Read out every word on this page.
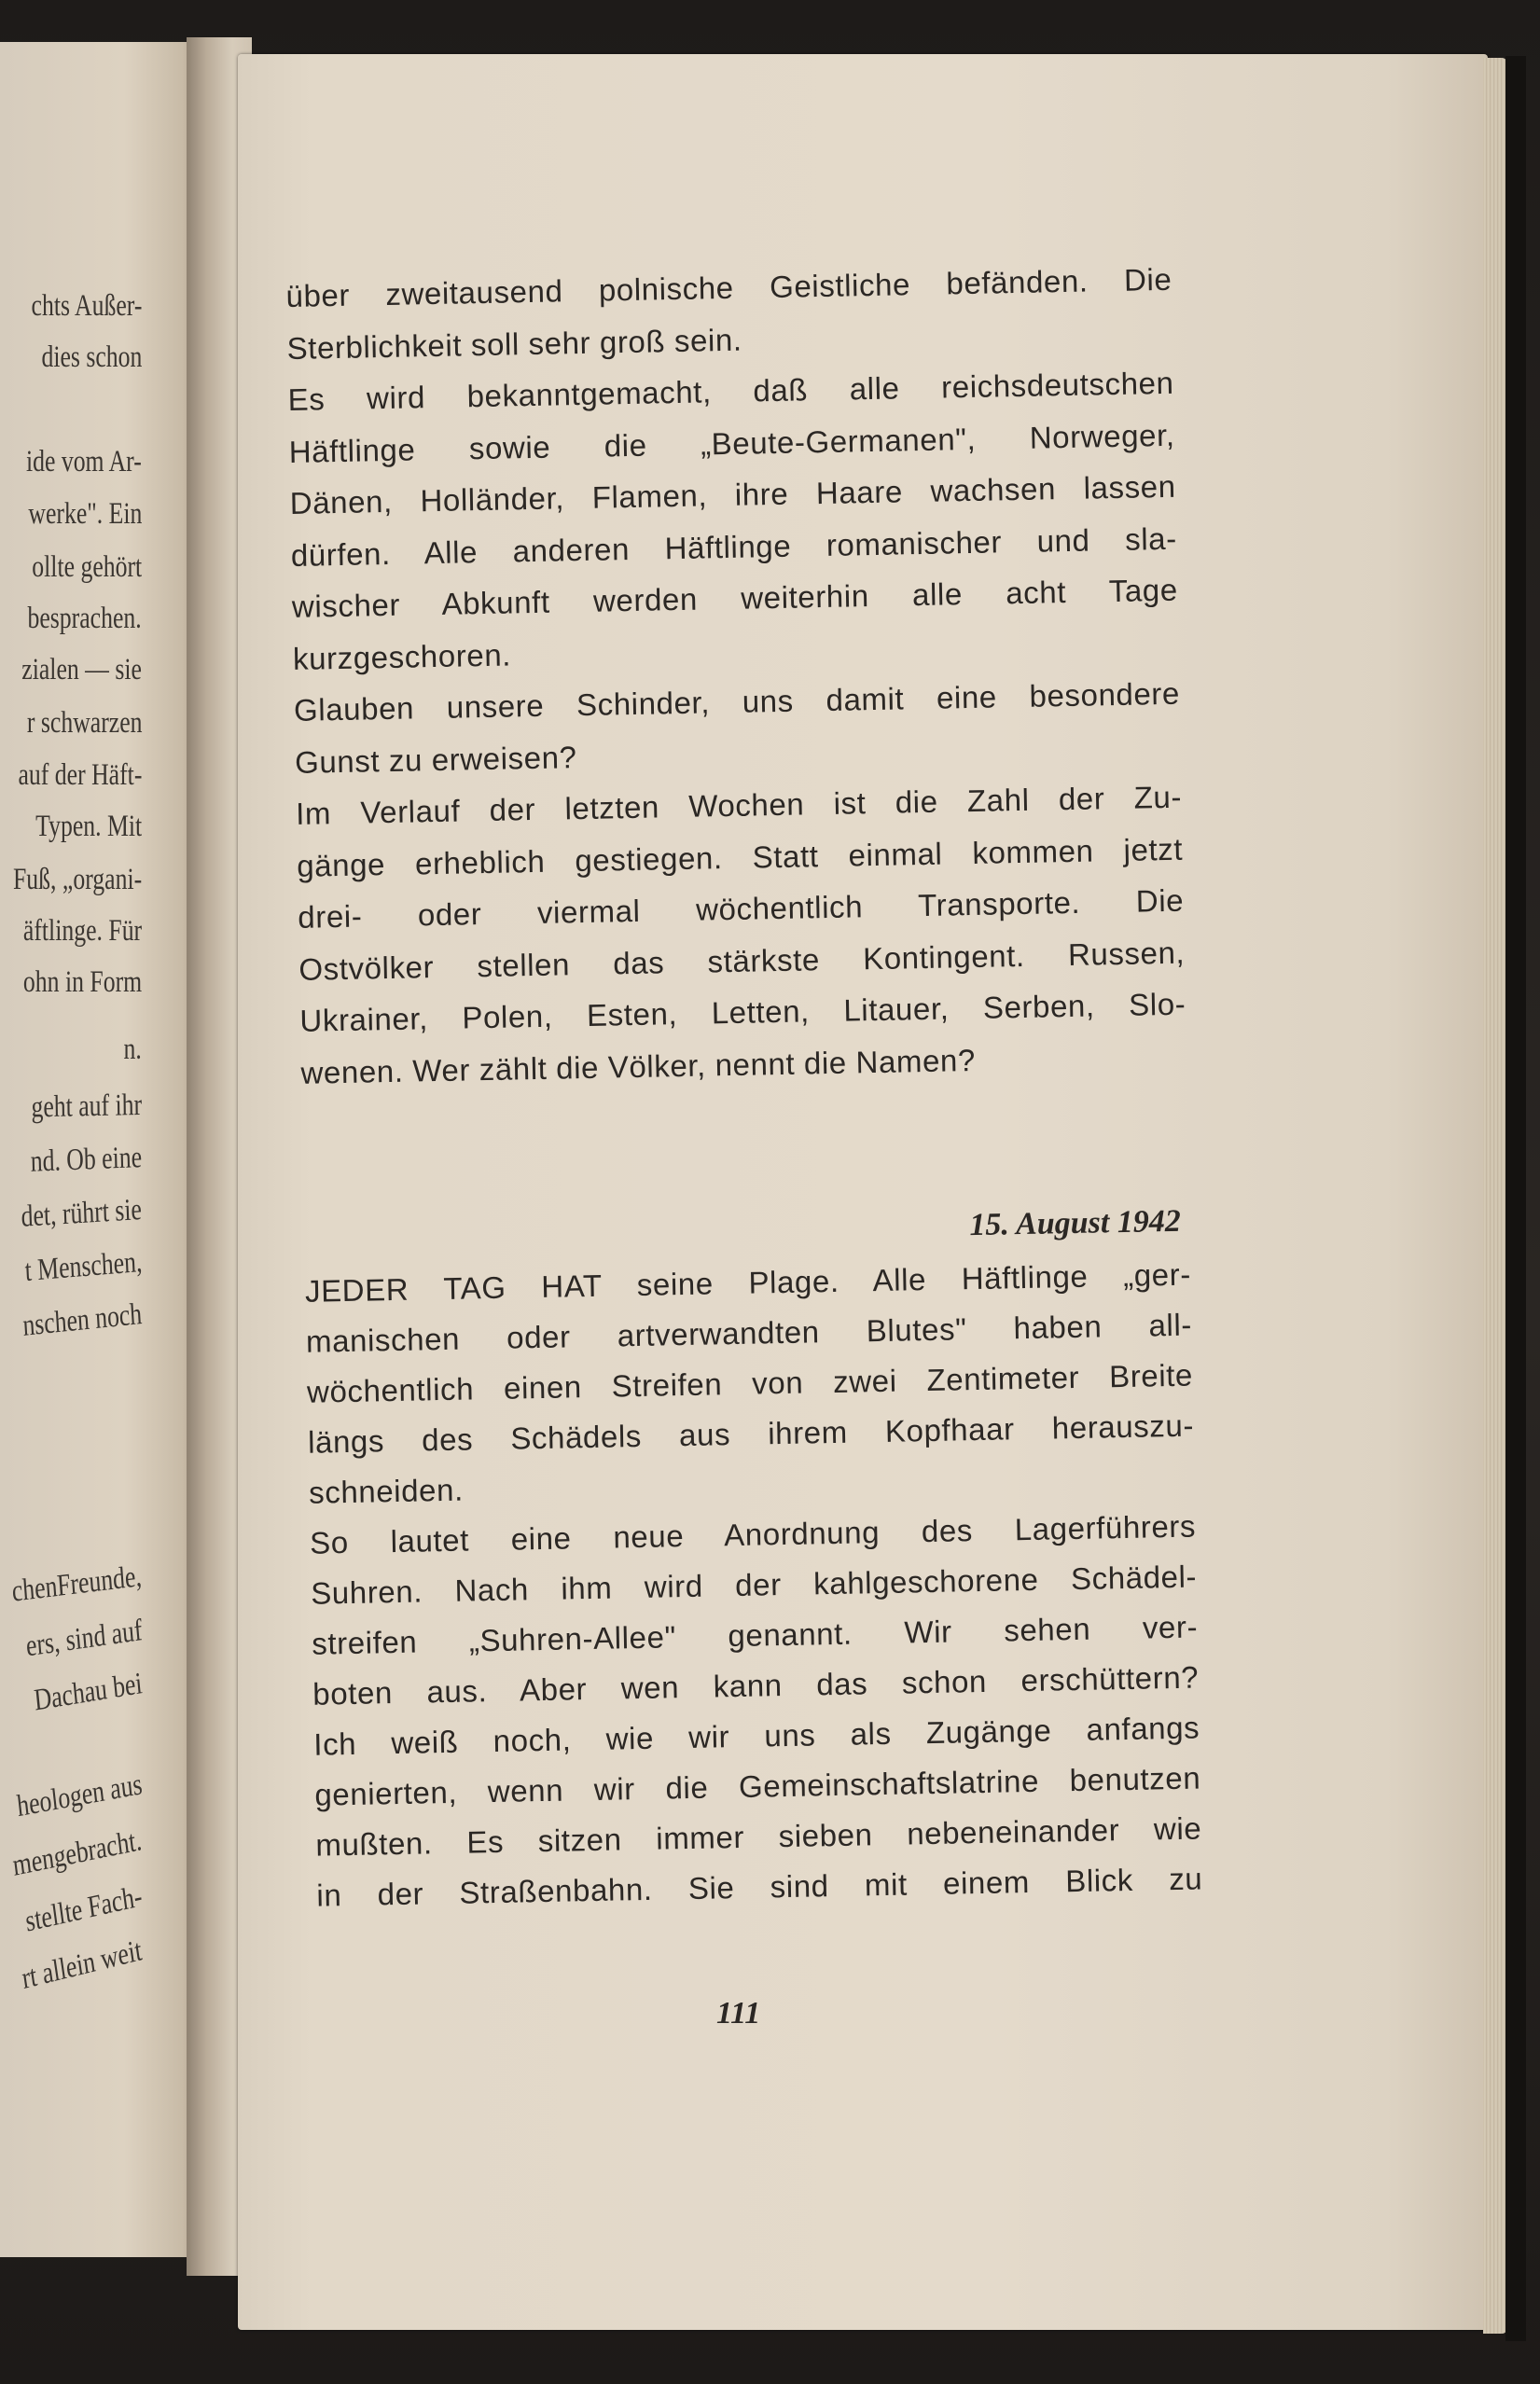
chts Außer-
dies schon
ide vom Ar-
werke". Ein
ollte gehört
besprachen.
zialen — sie
r schwarzen
auf der Häft-
Typen. Mit
Fuß, „organi-
äftlinge. Für
ohn in Form
n.
geht auf ihr
nd. Ob eine
det, rührt sie
t Menschen,
nschen noch
chenFreunde,
ers, sind auf
Dachau bei
heologen aus
mengebracht.
stellte Fach-
rt allein weit
über zweitausend polnische Geistliche befänden. Die
Sterblichkeit soll sehr groß sein.
Es wird bekanntgemacht, daß alle reichsdeutschen
Häftlinge sowie die „Beute-Germanen", Norweger,
Dänen, Holländer, Flamen, ihre Haare wachsen lassen
dürfen. Alle anderen Häftlinge romanischer und sla-
wischer Abkunft werden weiterhin alle acht Tage
kurzgeschoren.
Glauben unsere Schinder, uns damit eine besondere
Gunst zu erweisen?
Im Verlauf der letzten Wochen ist die Zahl der Zu-
gänge erheblich gestiegen. Statt einmal kommen jetzt
drei- oder viermal wöchentlich Transporte. Die
Ostvölker stellen das stärkste Kontingent. Russen,
Ukrainer, Polen, Esten, Letten, Litauer, Serben, Slo-
wenen. Wer zählt die Völker, nennt die Namen?
15. August 1942
JEDER TAG HAT seine Plage. Alle Häftlinge „ger-
manischen oder artverwandten Blutes" haben all-
wöchentlich einen Streifen von zwei Zentimeter Breite
längs des Schädels aus ihrem Kopfhaar herauszu-
schneiden.
So lautet eine neue Anordnung des Lagerführers
Suhren. Nach ihm wird der kahlgeschorene Schädel-
streifen „Suhren-Allee" genannt. Wir sehen ver-
boten aus. Aber wen kann das schon erschüttern?
Ich weiß noch, wie wir uns als Zugänge anfangs
genierten, wenn wir die Gemeinschaftslatrine benutzen
mußten. Es sitzen immer sieben nebeneinander wie
in der Straßenbahn. Sie sind mit einem Blick zu
111
